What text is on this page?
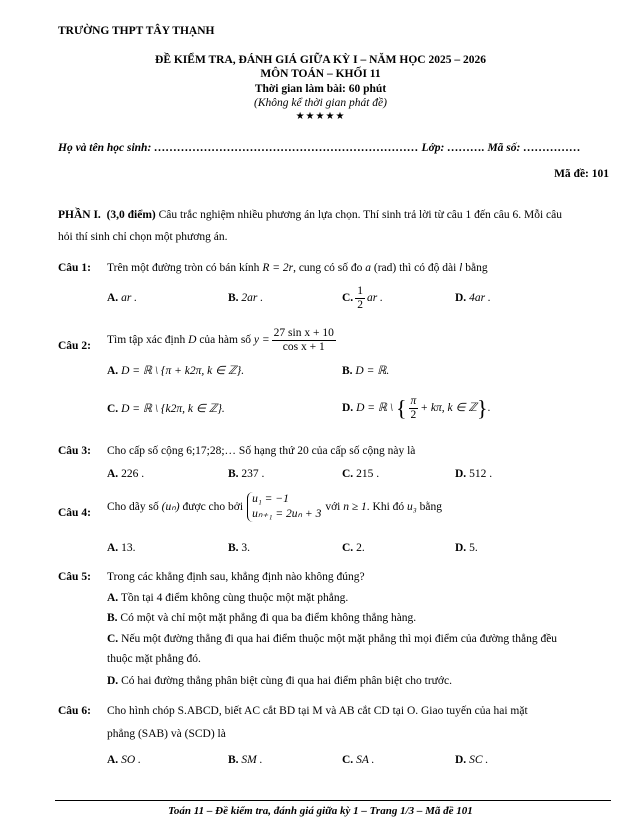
TRƯỜNG THPT TÂY THẠNH
ĐỀ KIỂM TRA, ĐÁNH GIÁ GIỮA KỲ I – NĂM HỌC 2025 – 2026
MÔN TOÁN – KHỐI 11
Thời gian làm bài: 60 phút
(Không kể thời gian phát đề)
★★★★★
Họ và tên học sinh: …………………………………………………………… Lớp: ………. Mã số: ……………
Mã đề: 101
PHẦN I. (3,0 điểm) Câu trắc nghiệm nhiều phương án lựa chọn. Thí sinh trả lời từ câu 1 đến câu 6. Mỗi câu
hỏi thí sinh chỉ chọn một phương án.
Câu 1: Trên một đường tròn có bán kính R = 2r, cung có số đo a (rad) thì có độ dài l bằng
A. ar .	B. 2ar .	C. $\frac{1}{2}$ ar .	D. 4ar .
Câu 2: Tìm tập xác định D của hàm số $y = \frac{\text{27 sin x + 10}}{\text{cos x + 1}}$
A. D = ℝ \ {π + k2π, k ∈ ℤ}.	B. D = ℝ.
C. D = ℝ \ {k2π, k ∈ ℤ}.	D. D = ℝ \ { $\frac{\pi}{2} + k\pi$, k ∈ ℤ}.
Câu 3: Cho cấp số cộng 6;17;28;… Số hạng thứ 20 của cấp số cộng này là
A. 226 .	B. 237 .	C. 215 .	D. 512 .
Câu 4: Cho dãy số (uₙ) được cho bởi
u₁ = −1
uₙ₊₁ = 2uₙ + 3
với n ≥ 1. Khi đó u₃ bằng
A. 13.	B. 3.	C. 2.	D. 5.
Câu 5: Trong các khẳng định sau, khẳng định nào không đúng?
A. Tồn tại 4 điểm không cùng thuộc một mặt phẳng.
B. Có một và chỉ một mặt phẳng đi qua ba điểm không thẳng hàng.
C. Nếu một đường thẳng đi qua hai điểm thuộc một mặt phẳng thì mọi điểm của đường thẳng đều
thuộc mặt phẳng đó.
D. Có hai đường thẳng phân biệt cùng đi qua hai điểm phân biệt cho trước.
Câu 6: Cho hình chóp S.ABCD, biết AC cắt BD tại M và AB cắt CD tại O. Giao tuyến của hai mặt
phẳng (SAB) và (SCD) là
A. SO .	B. SM .	C. SA .	D. SC .
Toán 11 – Đề kiểm tra, đánh giá giữa kỳ 1 – Trang 1/3 – Mã đề 101
